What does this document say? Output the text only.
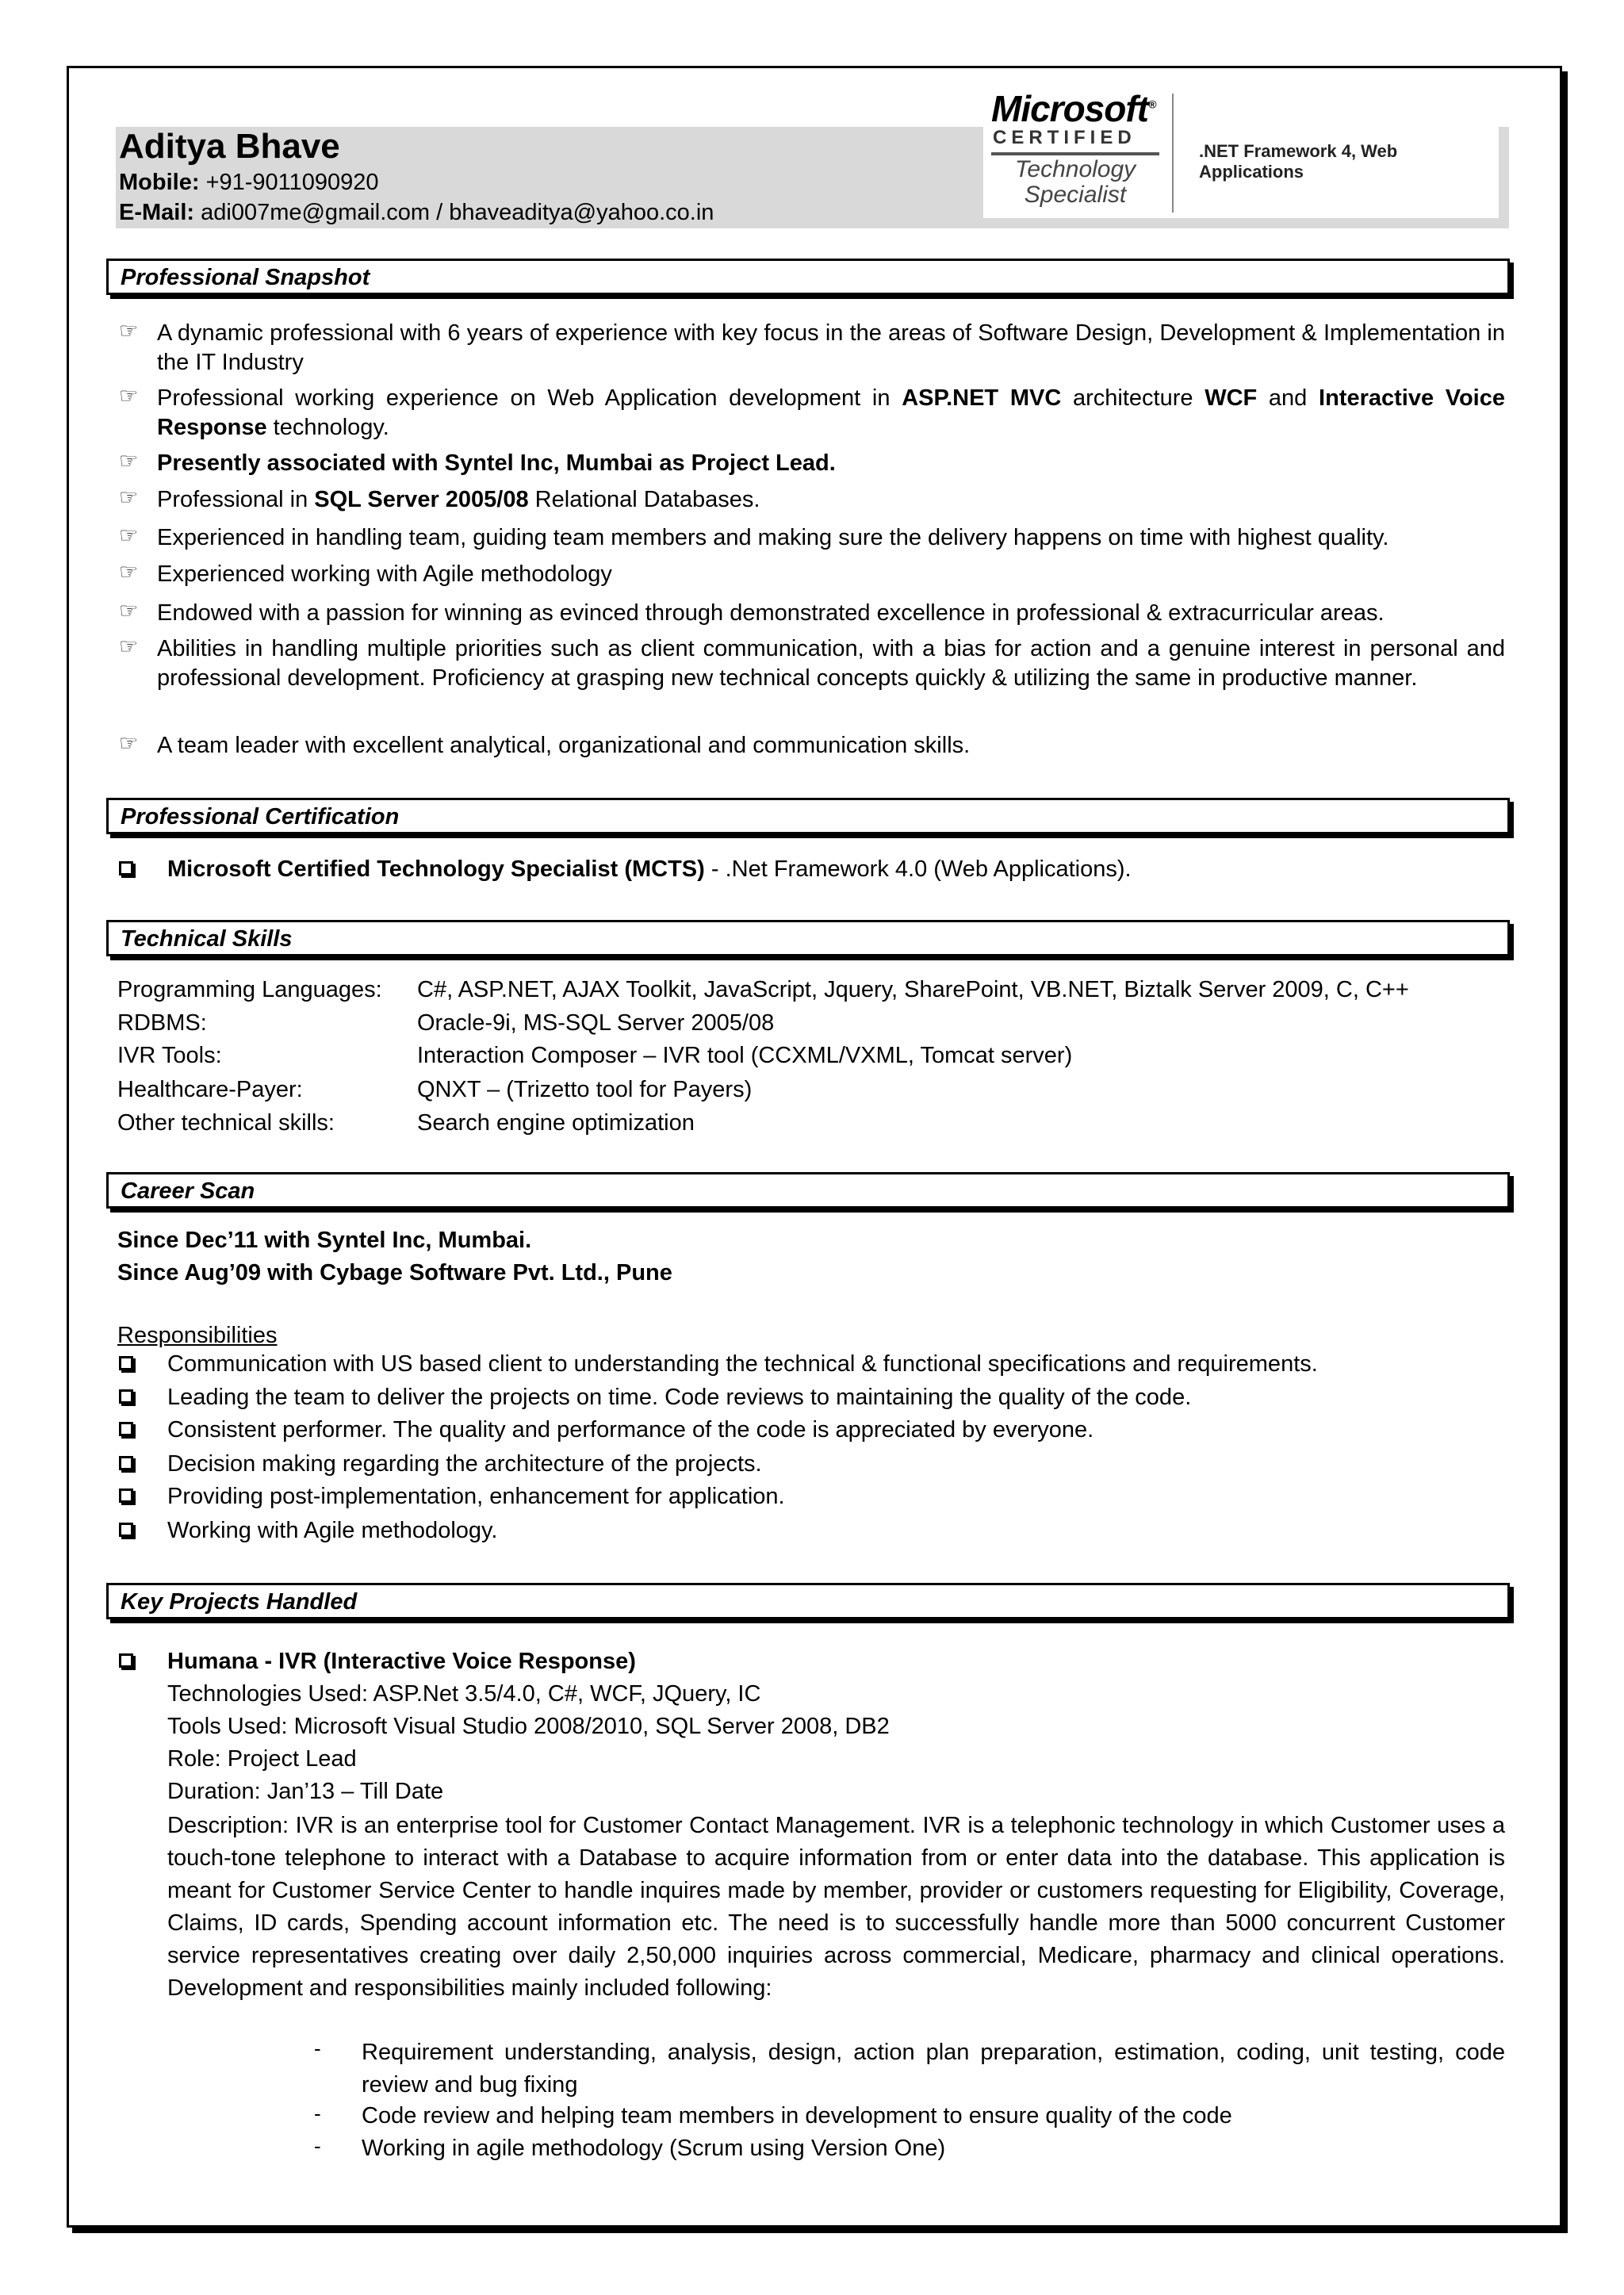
Aditya Bhave
Mobile: +91-9011090920
E-Mail: adi007me@gmail.com / bhaveaditya@yahoo.co.in
Microsoft®
CERTIFIED
Technology
Specialist
.NET Framework 4, Web Applications
Professional Snapshot
☞ A dynamic professional with 6 years of experience with key focus in the areas of Software Design, Development & Implementation in the IT Industry
☞ Professional working experience on Web Application development in ASP.NET MVC architecture WCF and Interactive Voice Response technology.
☞ Presently associated with Syntel Inc, Mumbai as Project Lead.
☞ Professional in SQL Server 2005/08 Relational Databases.
☞ Experienced in handling team, guiding team members and making sure the delivery happens on time with highest quality.
☞ Experienced working with Agile methodology
☞ Endowed with a passion for winning as evinced through demonstrated excellence in professional & extracurricular areas.
☞ Abilities in handling multiple priorities such as client communication, with a bias for action and a genuine interest in personal and professional development. Proficiency at grasping new technical concepts quickly & utilizing the same in productive manner.
☞ A team leader with excellent analytical, organizational and communication skills.
Professional Certification
Microsoft Certified Technology Specialist (MCTS) - .Net Framework 4.0 (Web Applications).
Technical Skills
Programming Languages: C#, ASP.NET, AJAX Toolkit, JavaScript, Jquery, SharePoint, VB.NET, Biztalk Server 2009, C, C++
RDBMS:	Oracle-9i, MS-SQL Server 2005/08
IVR Tools:	Interaction Composer – IVR tool (CCXML/VXML, Tomcat server)
Healthcare-Payer:	QNXT – (Trizetto tool for Payers)
Other technical skills:	Search engine optimization
Career Scan
Since Dec’11 with Syntel Inc, Mumbai.
Since Aug’09 with Cybage Software Pvt. Ltd., Pune
Responsibilities
Communication with US based client to understanding the technical & functional specifications and requirements.
Leading the team to deliver the projects on time. Code reviews to maintaining the quality of the code.
Consistent performer. The quality and performance of the code is appreciated by everyone.
Decision making regarding the architecture of the projects.
Providing post-implementation, enhancement for application.
Working with Agile methodology.
Key Projects Handled
Humana - IVR (Interactive Voice Response)
Technologies Used: ASP.Net 3.5/4.0, C#, WCF, JQuery, IC
Tools Used: Microsoft Visual Studio 2008/2010, SQL Server 2008, DB2
Role: Project Lead
Duration: Jan’13 – Till Date
Description: IVR is an enterprise tool for Customer Contact Management. IVR is a telephonic technology in which Customer uses a touch-tone telephone to interact with a Database to acquire information from or enter data into the database. This application is meant for Customer Service Center to handle inquires made by member, provider or customers requesting for Eligibility, Coverage, Claims, ID cards, Spending account information etc. The need is to successfully handle more than 5000 concurrent Customer service representatives creating over daily 2,50,000 inquiries across commercial, Medicare, pharmacy and clinical operations. Development and responsibilities mainly included following:
- Requirement understanding, analysis, design, action plan preparation, estimation, coding, unit testing, code review and bug fixing
- Code review and helping team members in development to ensure quality of the code
- Working in agile methodology (Scrum using Version One)
